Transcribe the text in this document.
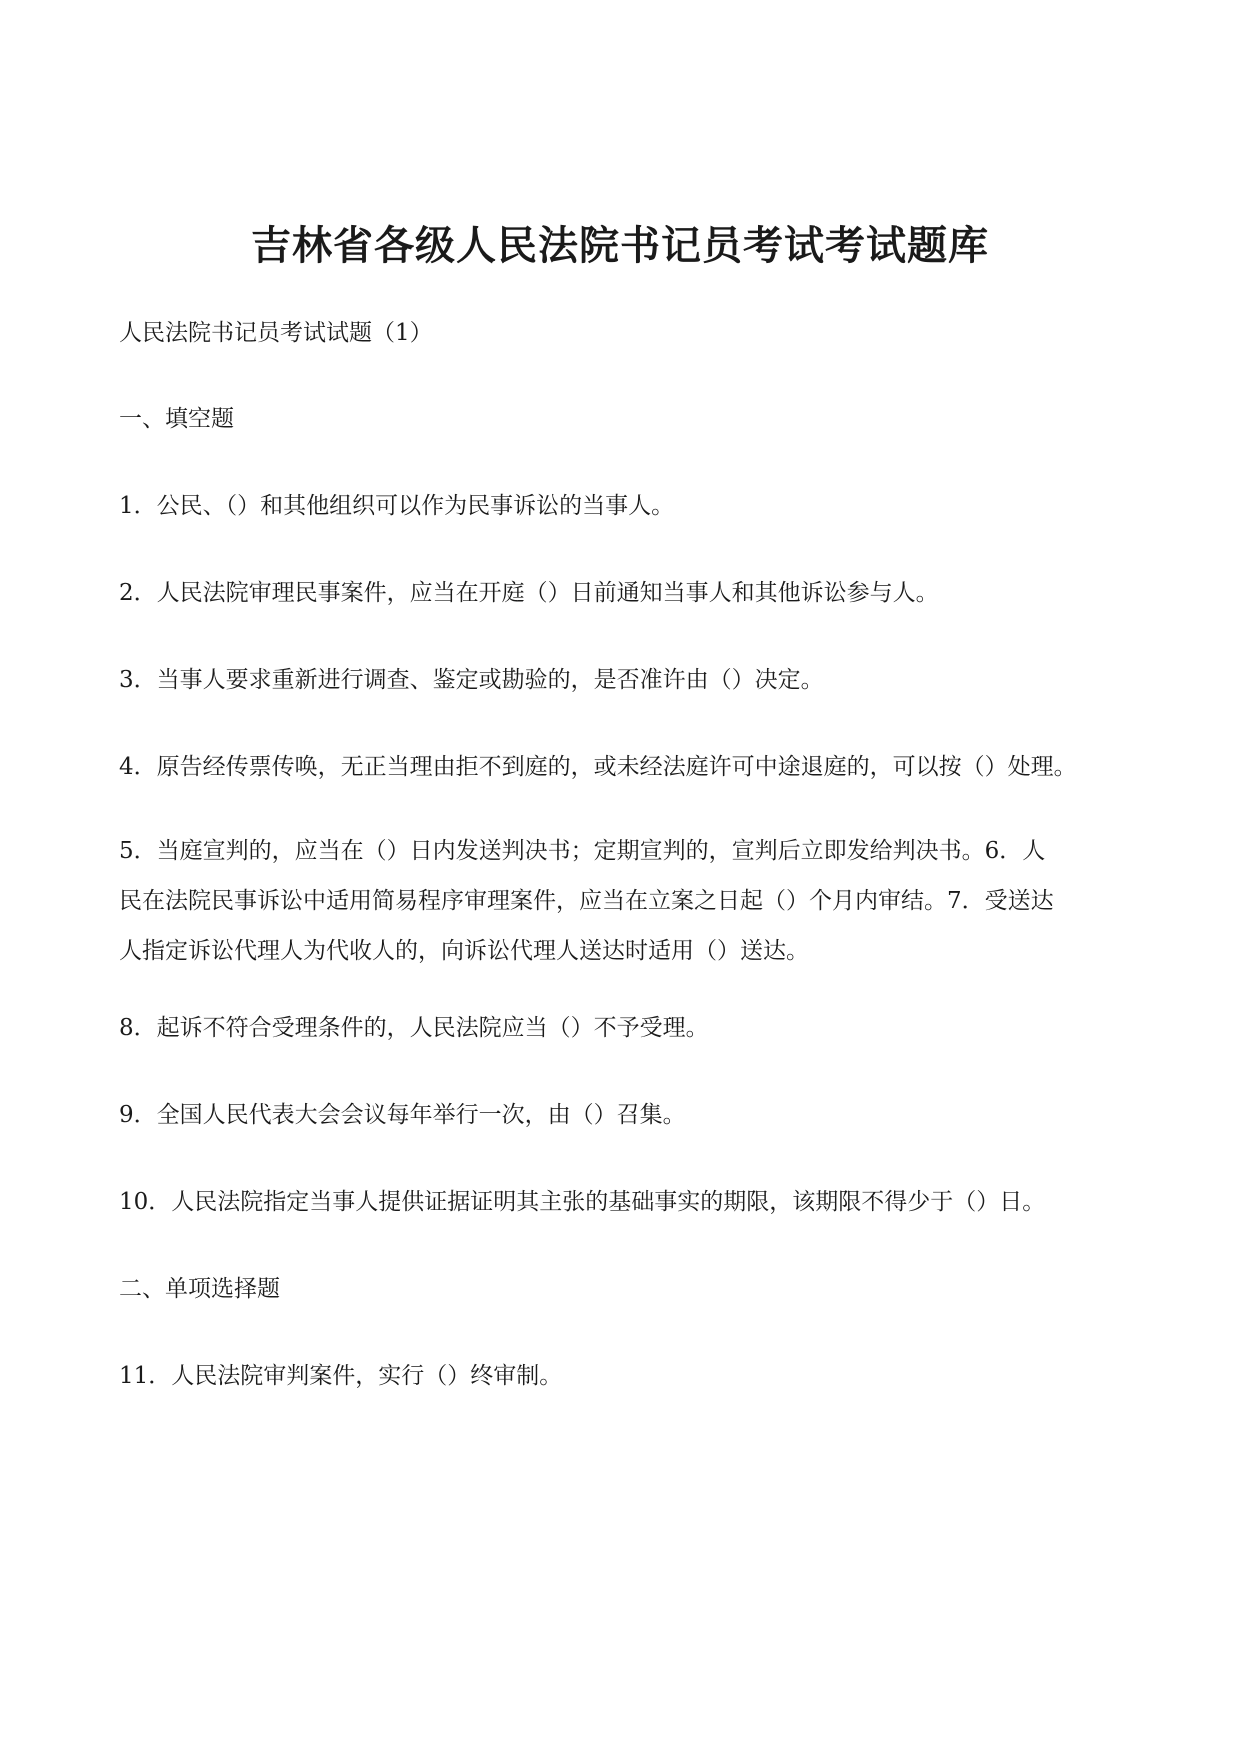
吉林省各级人民法院书记员考试考试题库

人民法院书记员考试试题（1）

一、填空题

1．公民、（）和其他组织可以作为民事诉讼的当事人。

2．人民法院审理民事案件，应当在开庭（）日前通知当事人和其他诉讼参与人。

3．当事人要求重新进行调查、鉴定或勘验的，是否准许由（）决定。

4．原告经传票传唤，无正当理由拒不到庭的，或未经法庭许可中途退庭的，可以按（）处理。

5．当庭宣判的，应当在（）日内发送判决书；定期宣判的，宣判后立即发给判决书。6．人
民在法院民事诉讼中适用简易程序审理案件，应当在立案之日起（）个月内审结。7．受送达
人指定诉讼代理人为代收人的，向诉讼代理人送达时适用（）送达。

8．起诉不符合受理条件的，人民法院应当（）不予受理。

9．全国人民代表大会会议每年举行一次，由（）召集。

10．人民法院指定当事人提供证据证明其主张的基础事实的期限，该期限不得少于（）日。

二、单项选择题

11．人民法院审判案件，实行（）终审制。
